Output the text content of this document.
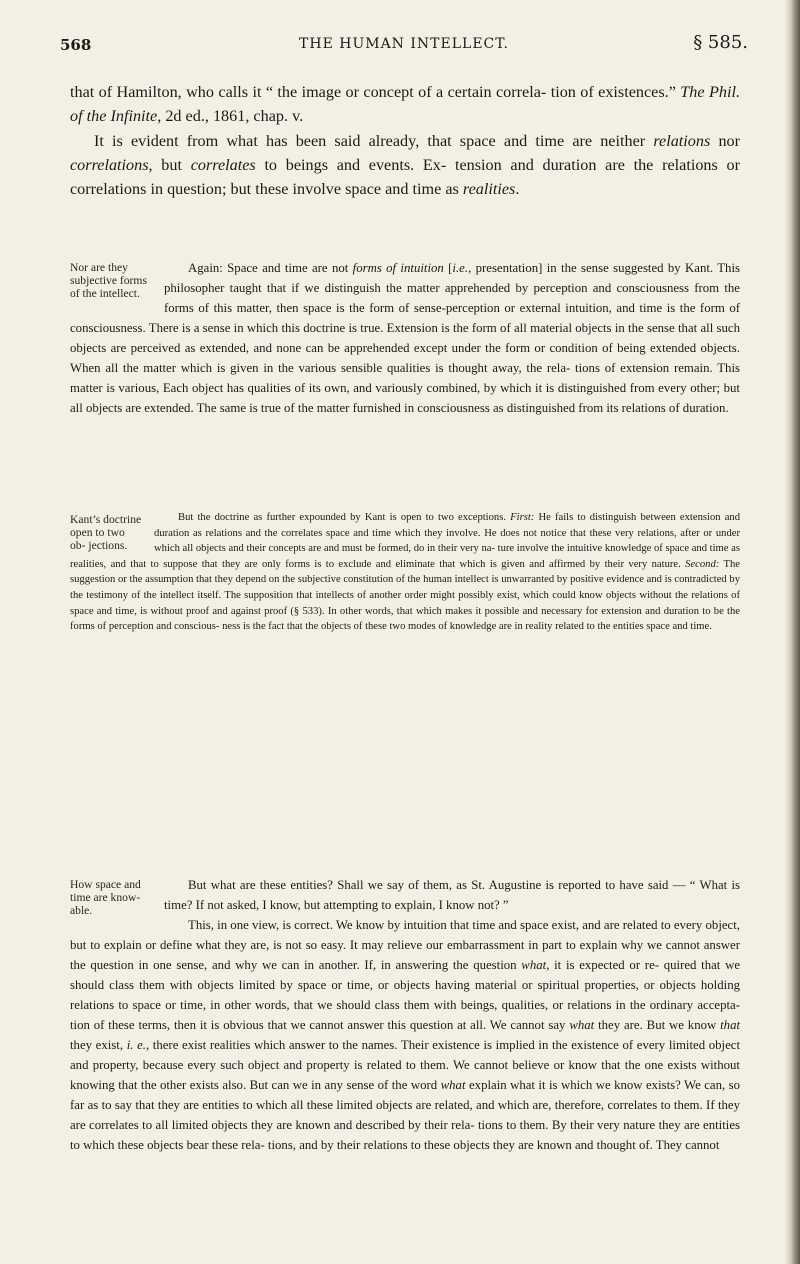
568	THE HUMAN INTELLECT.	§ 585.

that of Hamilton, who calls it “ the image or concept of a certain correla- tion of existences.” The Phil. of the Infinite, 2d ed., 1861, chap. v.

It is evident from what has been said already, that space and time are neither relations nor correlations, but correlates to beings and events. Ex- tension and duration are the relations or correlations in question; but these involve space and time as realities.

Nor are they subjective forms of the intellect.

Again: Space and time are not forms of intuition [i.e., presentation] in the sense suggested by Kant. This philosopher taught that if we distinguish the matter apprehended by perception and consciousness from the forms of this matter, then space is the form of sense-perception or external intuition, and time is the form of consciousness. There is a sense in which this doctrine is true. Extension is the form of all material objects in the sense that all such objects are perceived as extended, and none can be apprehended except under the form or condition of being extended objects. When all the matter which is given in the various sensible qualities is thought away, the rela- tions of extension remain. This matter is various, Each object has qualities of its own, and variously combined, by which it is distinguished from every other; but all objects are extended. The same is true of the matter furnished in consciousness as distinguished from its relations of duration.

Kant’s doctrine open to two ob- jections.

But the doctrine as further expounded by Kant is open to two exceptions. First: He fails to distinguish between extension and duration as relations and the correlates space and time which they involve. He does not notice that these very relations, after or under which all objects and their concepts are and must be formed, do in their very na- ture involve the intuitive knowledge of space and time as realities, and that to suppose that they are only forms is to exclude and eliminate that which is given and affirmed by their very nature. Second: The suggestion or the assumption that they depend on the subjective constitution of the human intellect is unwarranted by positive evidence and is contradicted by the testimony of the intellect itself. The supposition that intellects of another order might possibly exist, which could know objects without the relations of space and time, is without proof and against proof (§ 533). In other words, that which makes it possible and necessary for extension and duration to be the forms of perception and conscious- ness is the fact that the objects of these two modes of knowledge are in reality related to the entities space and time.

How space and time are know- able.

But what are these entities? Shall we say of them, as St. Augustine is reported to have said — “ What is time? If not asked, I know, but attempting to explain, I know not? ”

This, in one view, is correct. We know by intuition that time and space exist, and are related to every object, but to explain or define what they are, is not so easy. It may relieve our embarrassment in part to explain why we cannot answer the question in one sense, and why we can in another. If, in answering the question what, it is expected or re- quired that we should class them with objects limited by space or time, or objects having material or spiritual properties, or objects holding relations to space or time, in other words, that we should class them with beings, qualities, or relations in the ordinary accepta- tion of these terms, then it is obvious that we cannot answer this question at all. We cannot say what they are. But we know that they exist, i. e., there exist realities which answer to the names. Their existence is implied in the existence of every limited object and property, because every such object and property is related to them. We cannot believe or know that the one exists without knowing that the other exists also. But can we in any sense of the word what explain what it is which we know exists? We can, so far as to say that they are entities to which all these limited objects are related, and which are, therefore, correlates to them. If they are correlates to all limited objects they are known and described by their rela- tions to them. By their very nature they are entities to which these objects bear these rela- tions, and by their relations to these objects they are known and thought of. They cannot
